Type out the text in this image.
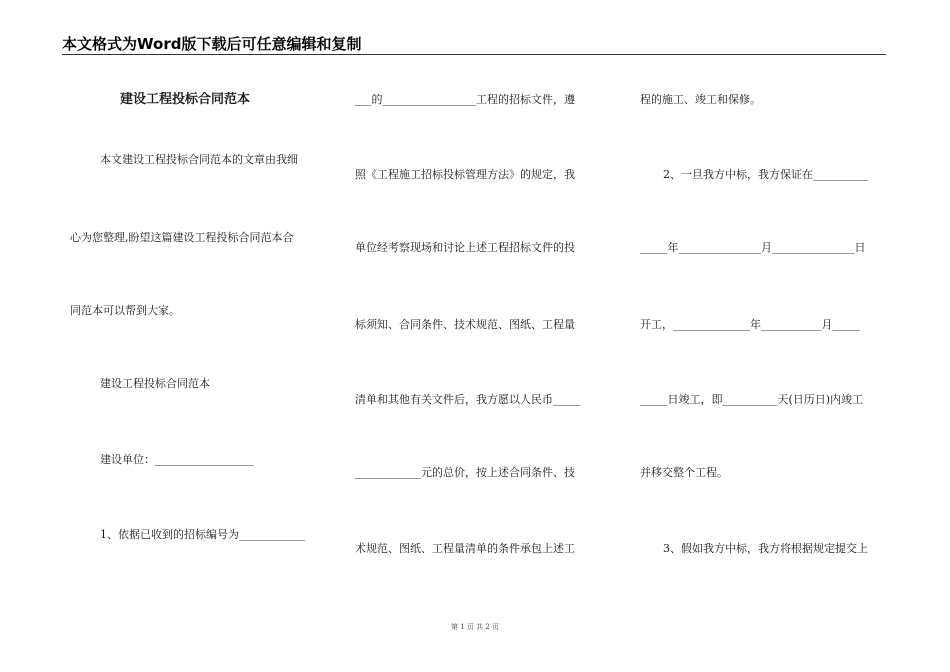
本文格式为Word版下载后可任意编辑和复制
建设工程投标合同范本
本文建设工程投标合同范本的文章由我细
心为您整理,盼望这篇建设工程投标合同范本合
同范本可以帮到大家。
建设工程投标合同范本
建设单位：__________________
1、依据已收到的招标编号为____________
___的_________________工程的招标文件，遵
照《工程施工招标投标管理方法》的规定，我
单位经考察现场和讨论上述工程招标文件的投
标须知、合同条件、技术规范、图纸、工程量
清单和其他有关文件后，我方愿以人民币_____
____________元的总价，按上述合同条件、技
术规范、图纸、工程量清单的条件承包上述工
程的施工、竣工和保修。
2、一旦我方中标，我方保证在__________
_____年_______________月_______________日
开工，______________年___________月_____
_____日竣工，即__________天(日历日)内竣工
并移交整个工程。
3、假如我方中标，我方将根据规定提交上
第 1 页 共 2 页
